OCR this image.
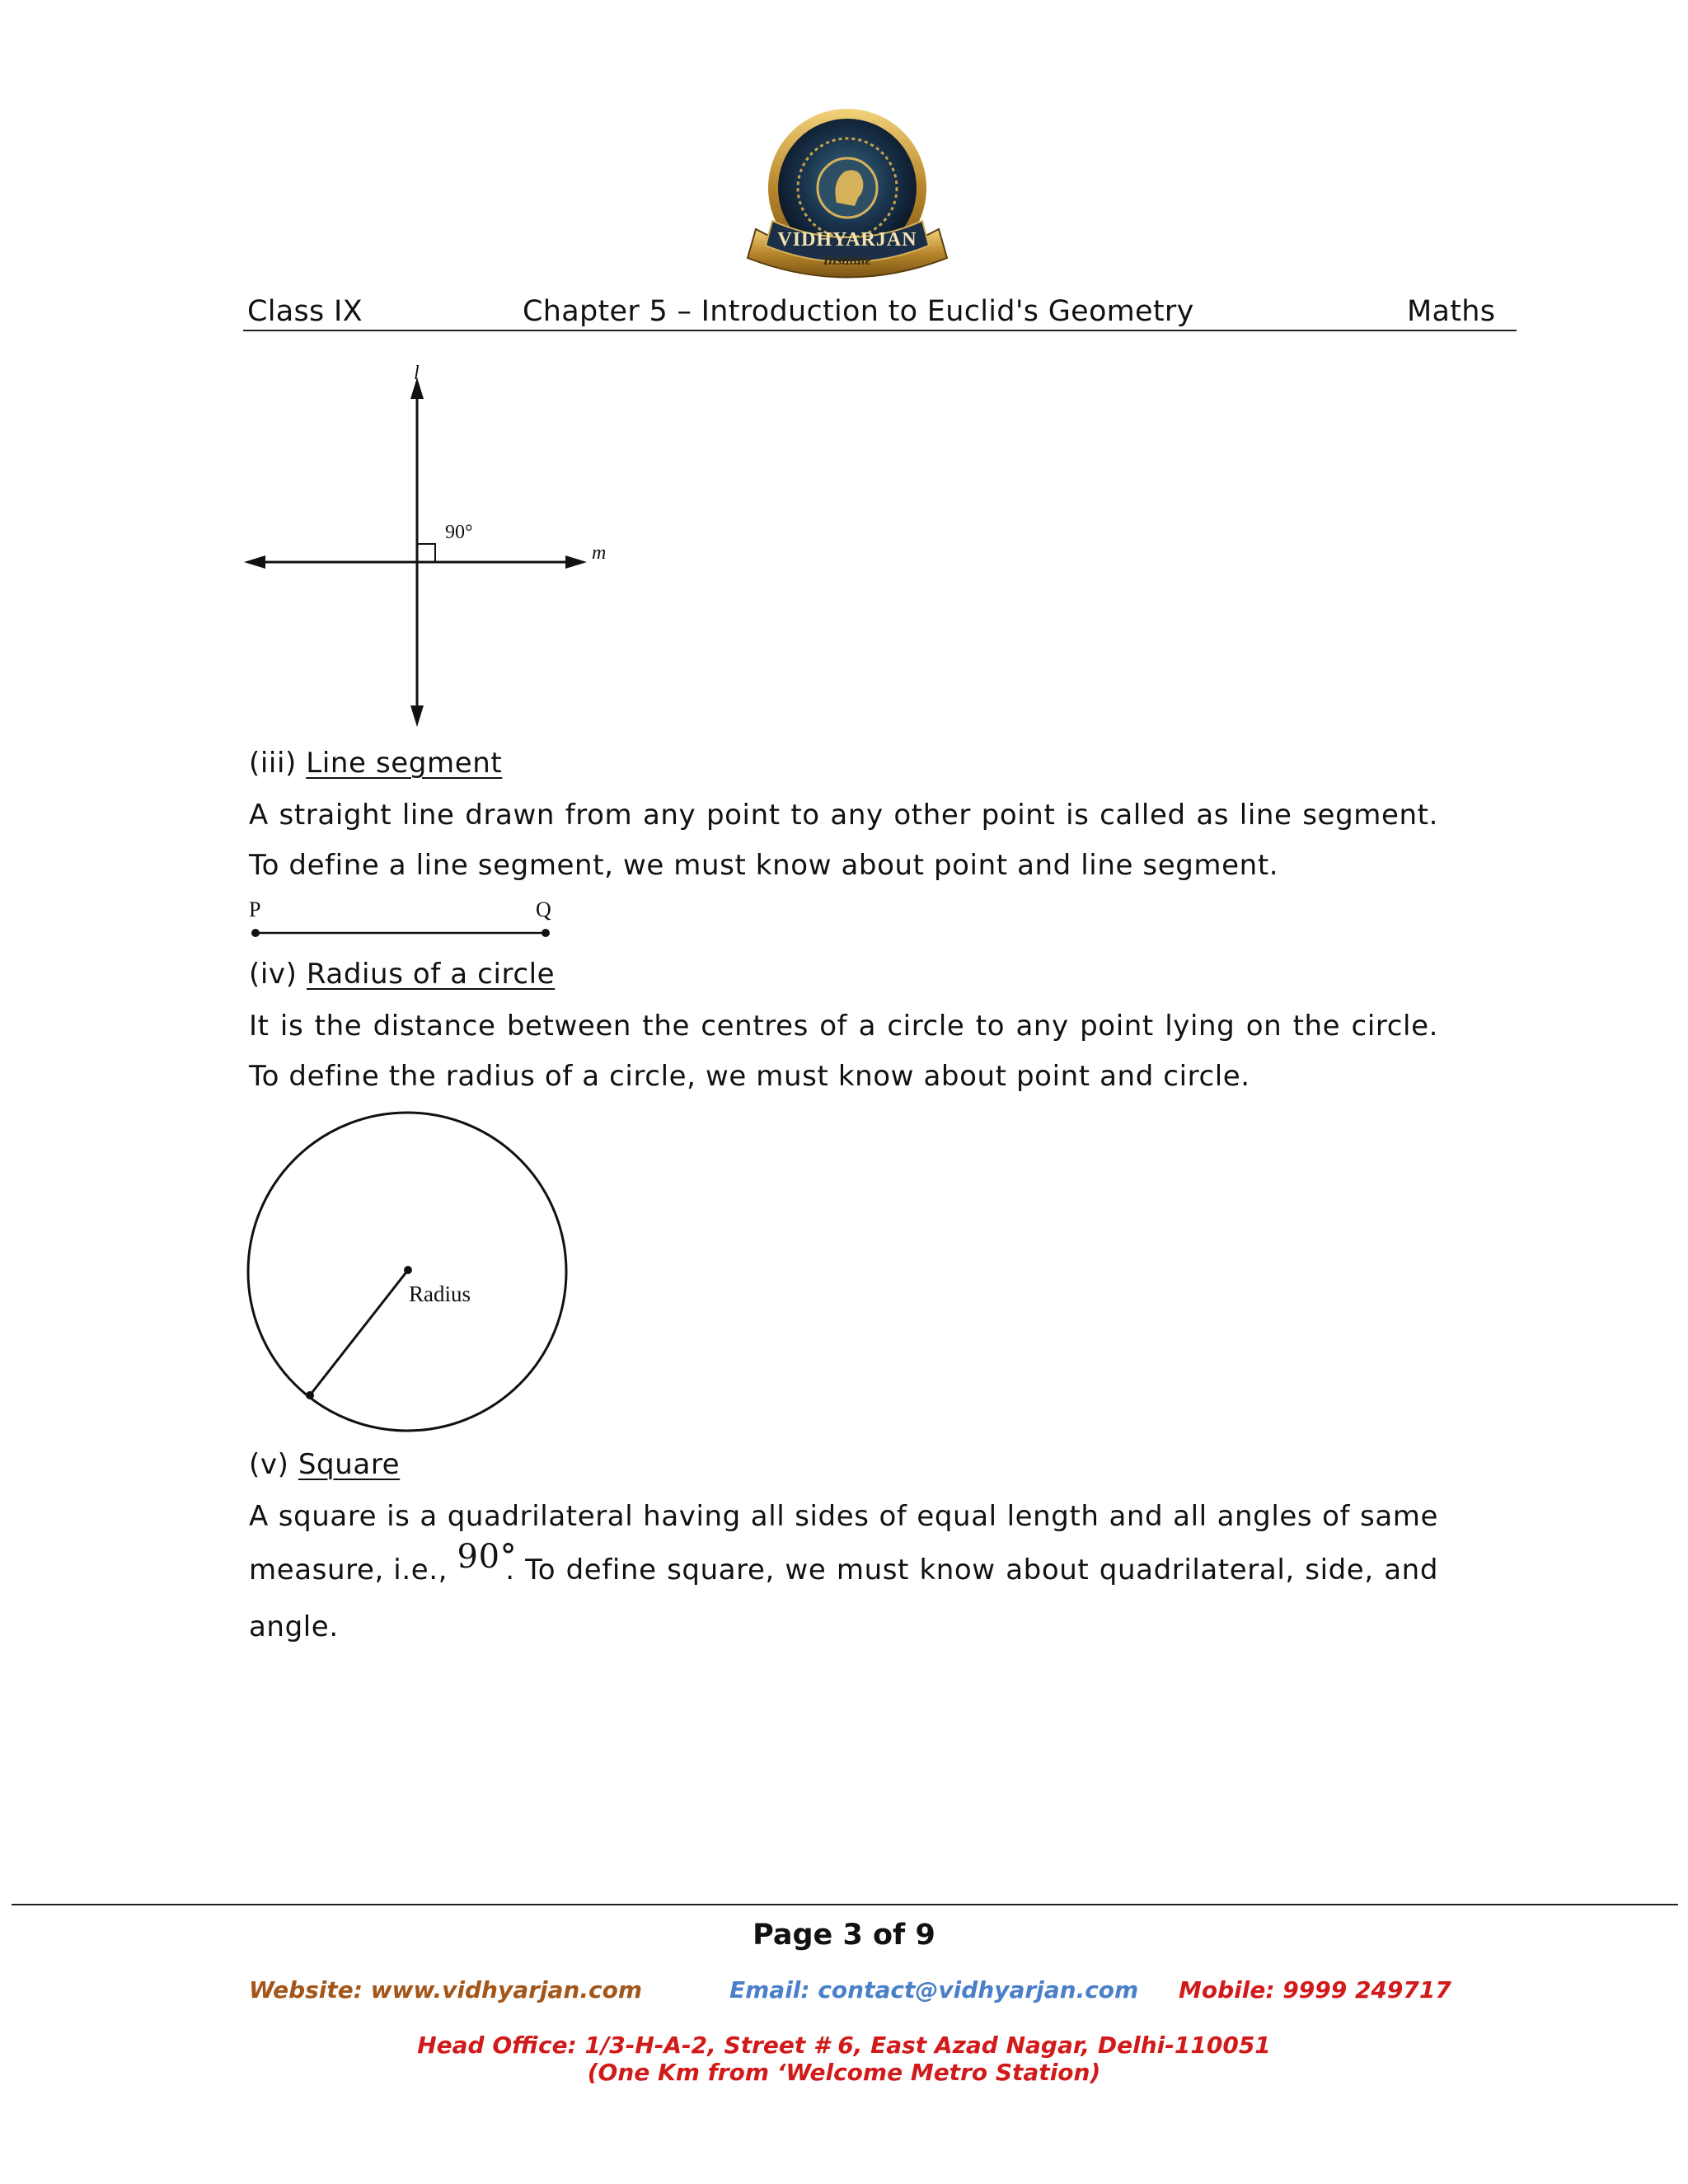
VIDHYARJAN
Institute
Class IX	Chapter 5 – Introduction to Euclid's Geometry	Maths
90°
l
m
(iii) Line segment
A straight line drawn from any point to any other point is called as line segment. To define a line segment, we must know about point and line segment.
P	Q
(iv) Radius of a circle
It is the distance between the centres of a circle to any point lying on the circle. To define the radius of a circle, we must know about point and circle.
Radius
(v) Square
A square is a quadrilateral having all sides of equal length and all angles of same
measure, i.e., 90°
. To define square, we must know about quadrilateral, side, and
angle.
Page 3 of 9
Website: www.vidhyarjan.com	Email: contact@vidhyarjan.com Mobile: 9999 249717
Head Office: 1/3-H-A-2, Street # 6, East Azad Nagar, Delhi-110051
(One Km from ‘Welcome Metro Station)
